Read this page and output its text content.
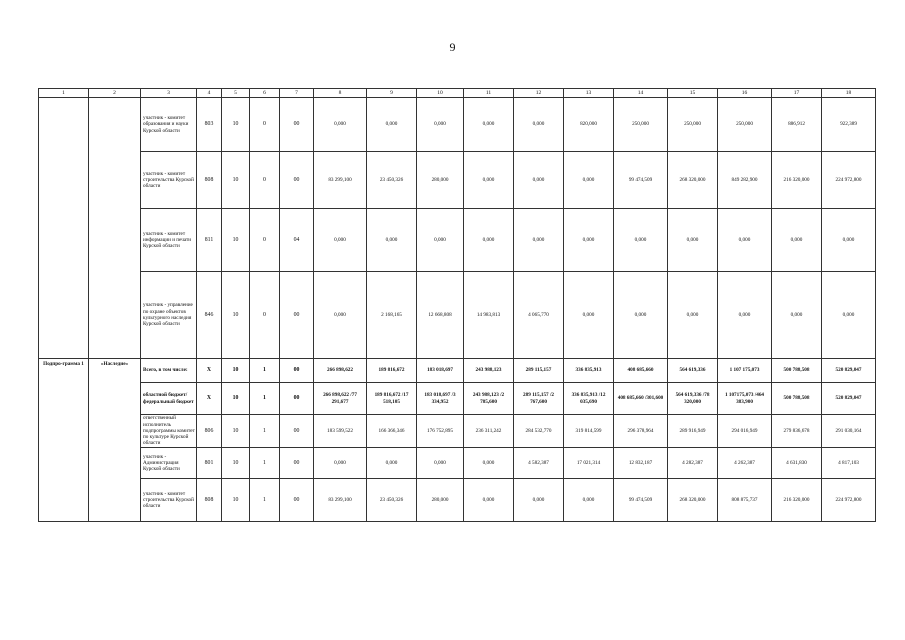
9
1	2	3	4	5	6	7	8	9	10	11	12	13	14	15	16	17	18
		участник - комитет образования и науки Курской области	803	10	0	00	0,000	0,000	0,000	0,000	0,000	820,000	250,000	250,000	250,000	886,912	922,389
		участник - комитет строительства Курской области	808	10	0	00	83 299,100	23 450,326	280,000	0,000	0,000	0,000	99 474,509	268 320,000	849 282,900	216 320,000	224 972,800
		участник - комитет информации и печати Курской области	811	10	0	04	0,000	0,000	0,000	0,000	0,000	0,000	0,000	0,000	0,000	0,000	0,000
		участник - управление по охране объектов культурного наследия Курской области	846	10	0	00	0,000	2 168,165	12 668,808	14 983,813	4 065,770	0,000	0,000	0,000	0,000	0,000	0,000
Подпро-грамма 1	«Наследие»	Всего, в том числе:	X	10	1	00	266 898,622	189 816,672	183 018,697	243 988,123	289 115,157	336 835,913	408 685,660	564 619,336	1 107 175,073	500 788,508	520 829,047
		областной бюджет/ федеральный бюджет	X	10	1	00	266 898,622 /77 291,677	189 816,672 /17 518,105	183 018,697 /3 334,952	243 988,123 /2 785,600	289 115,157 /2 767,600	336 835,913 /12 035,690	408 685,660 /301,600	564 619,336 /78 320,000	1 107175,073 /464 383,900	500 788,508	520 829,047
		ответственный исполнитель подпрограммы комитет по культуре Курской области	806	10	1	00	183 599,522	166 366,346	176 752,895	236 311,242	284 532,770	319 814,599	296 378,964	289 916,949	294 016,949	279 836,678	291 030,164
		участник - Администрация Курской области	801	10	1	00	0,000	0,000	0,000	0,000	4 582,387	17 021,314	12 832,187	4 282,387	4 262,387	4 631,830	4 817,103
		участник - комитет строительства Курской области	808	10	1	00	83 299,100	23 450,326	280,000	0,000	0,000	0,000	99 474,509	268 320,000	808 875,737	216 320,000	224 972,800
